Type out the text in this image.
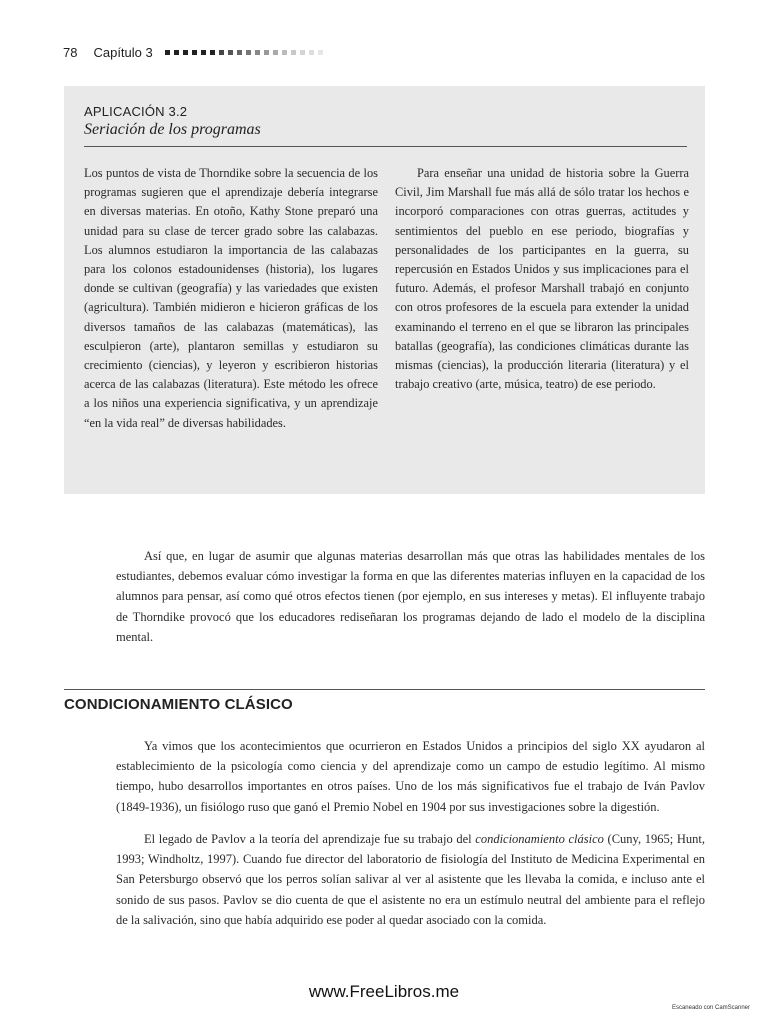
78 Capítulo 3
APLICACIÓN 3.2
Seriación de los programas
Los puntos de vista de Thorndike sobre la secuencia de los programas sugieren que el aprendizaje debería integrarse en diversas materias. En otoño, Kathy Stone preparó una unidad para su clase de tercer grado sobre las calabazas. Los alumnos estudiaron la importancia de las calabazas para los colonos estadounidenses (historia), los lugares donde se cultivan (geografía) y las variedades que existen (agricultura). También midieron e hicieron gráficas de los diversos tamaños de las calabazas (matemáticas), las esculpieron (arte), plantaron semillas y estudiaron su crecimiento (ciencias), y leyeron y escribieron historias acerca de las calabazas (literatura). Este método les ofrece a los niños una experiencia significativa, y un aprendizaje “en la vida real” de diversas habilidades.
Para enseñar una unidad de historia sobre la Guerra Civil, Jim Marshall fue más allá de sólo tratar los hechos e incorporó comparaciones con otras guerras, actitudes y sentimientos del pueblo en ese periodo, biografías y personalidades de los participantes en la guerra, su repercusión en Estados Unidos y sus implicaciones para el futuro. Además, el profesor Marshall trabajó en conjunto con otros profesores de la escuela para extender la unidad examinando el terreno en el que se libraron las principales batallas (geografía), las condiciones climáticas durante las mismas (ciencias), la producción literaria (literatura) y el trabajo creativo (arte, música, teatro) de ese periodo.
Así que, en lugar de asumir que algunas materias desarrollan más que otras las habilidades mentales de los estudiantes, debemos evaluar cómo investigar la forma en que las diferentes materias influyen en la capacidad de los alumnos para pensar, así como qué otros efectos tienen (por ejemplo, en sus intereses y metas). El influyente trabajo de Thorndike provocó que los educadores rediseñaran los programas dejando de lado el modelo de la disciplina mental.
CONDICIONAMIENTO CLÁSICO
Ya vimos que los acontecimientos que ocurrieron en Estados Unidos a principios del siglo XX ayudaron al establecimiento de la psicología como ciencia y del aprendizaje como un campo de estudio legítimo. Al mismo tiempo, hubo desarrollos importantes en otros países. Uno de los más significativos fue el trabajo de Iván Pavlov (1849-1936), un fisiólogo ruso que ganó el Premio Nobel en 1904 por sus investigaciones sobre la digestión.
El legado de Pavlov a la teoría del aprendizaje fue su trabajo del condicionamiento clásico (Cuny, 1965; Hunt, 1993; Windholtz, 1997). Cuando fue director del laboratorio de fisiología del Instituto de Medicina Experimental en San Petersburgo observó que los perros solían salivar al ver al asistente que les llevaba la comida, e incluso ante el sonido de sus pasos. Pavlov se dio cuenta de que el asistente no era un estímulo neutral del ambiente para el reflejo de la salivación, sino que había adquirido ese poder al quedar asociado con la comida.
www.FreeLibros.me
Escaneado con CamScanner
